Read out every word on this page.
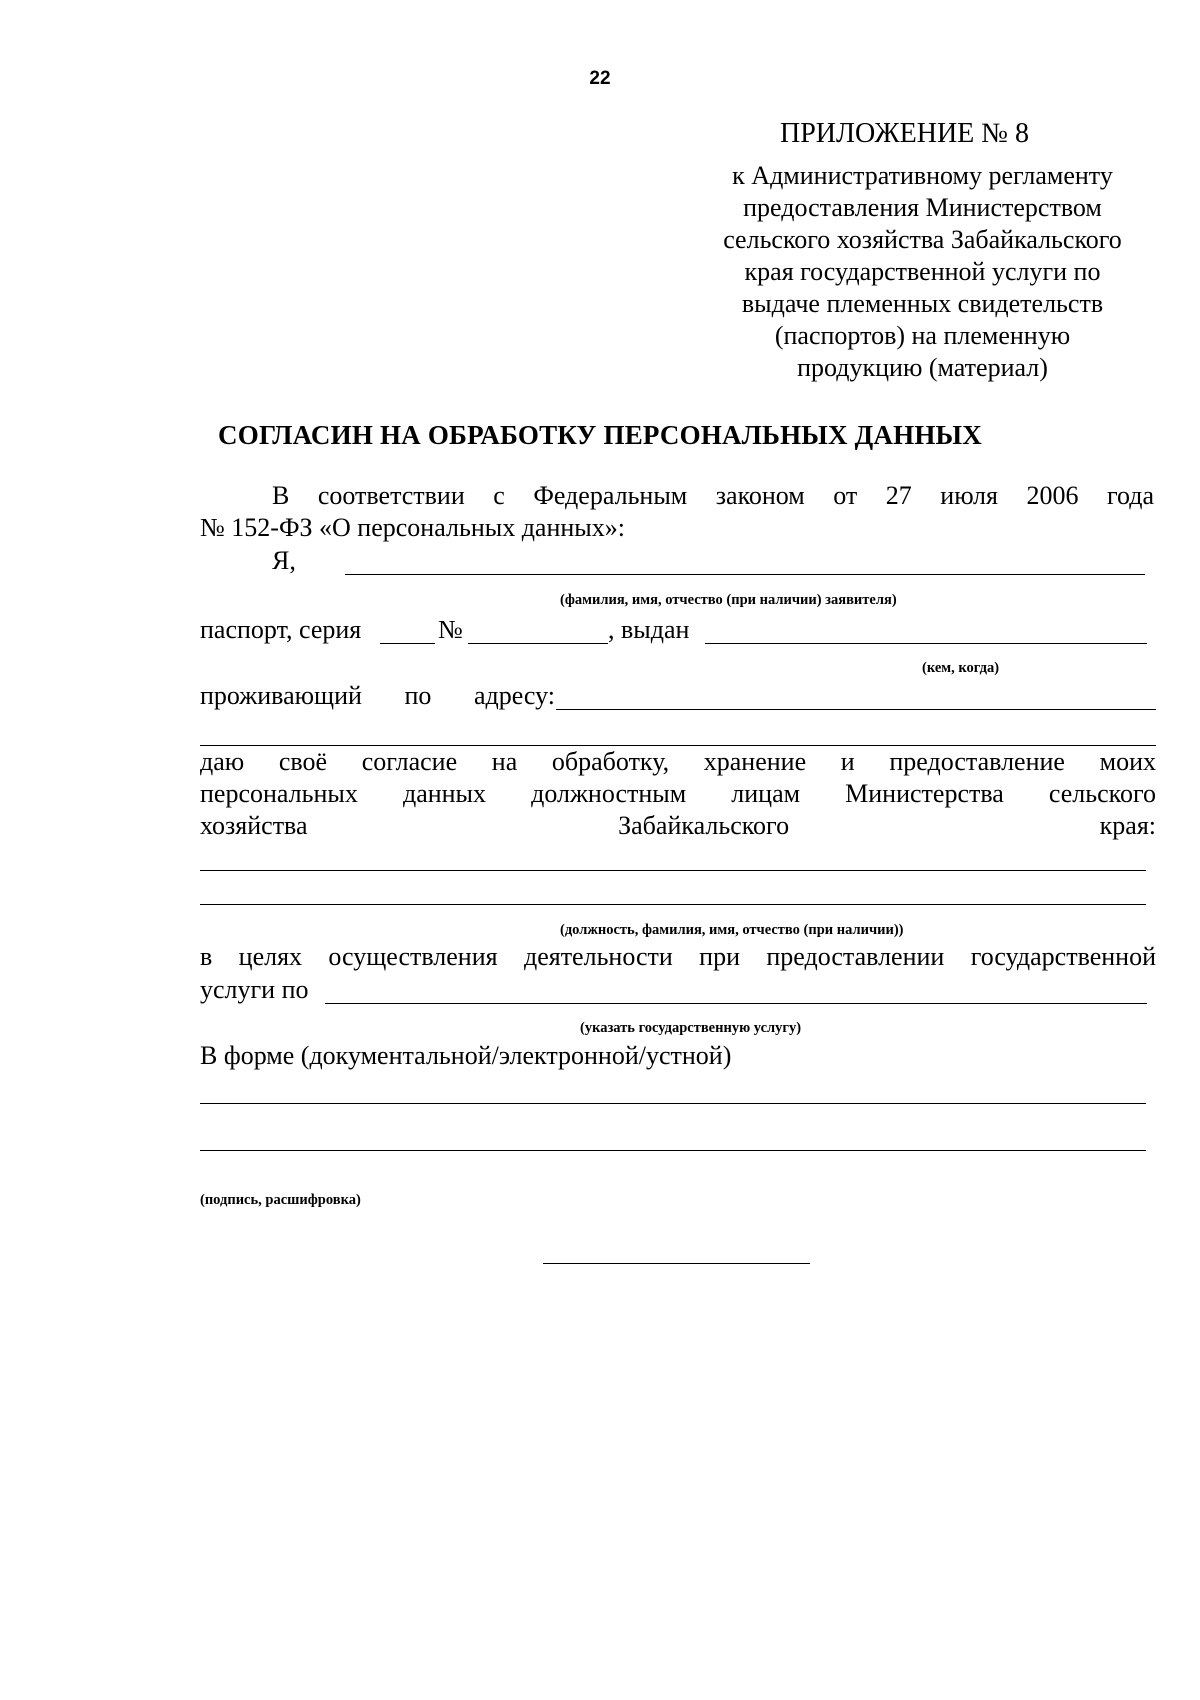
22
ПРИЛОЖЕНИЕ № 8
к Административному регламенту
предоставления Министерством
сельского хозяйства Забайкальского
края государственной услуги по
выдаче племенных свидетельств
(паспортов) на племенную
продукцию (материал)
СОГЛАСИН НА ОБРАБОТКУ ПЕРСОНАЛЬНЫХ ДАННЫХ
В соответствии с Федеральным законом от 27 июля 2006 года
№ 152-ФЗ «О персональных данных»:
Я,
(фамилия, имя, отчество (при наличии) заявителя)
паспорт, серия	№	, выдан
(кем, когда)
проживающий по адресу:
даю своё согласие на обработку, хранение и предоставление моих
персональных данных должностным лицам Министерства сельского
хозяйства Забайкальского края:
(должность, фамилия, имя, отчество (при наличии))
в целях осуществления деятельности при предоставлении государственной
услуги по
(указать государственную услугу)
В форме (документальной/электронной/устной)
(подпись, расшифровка)
